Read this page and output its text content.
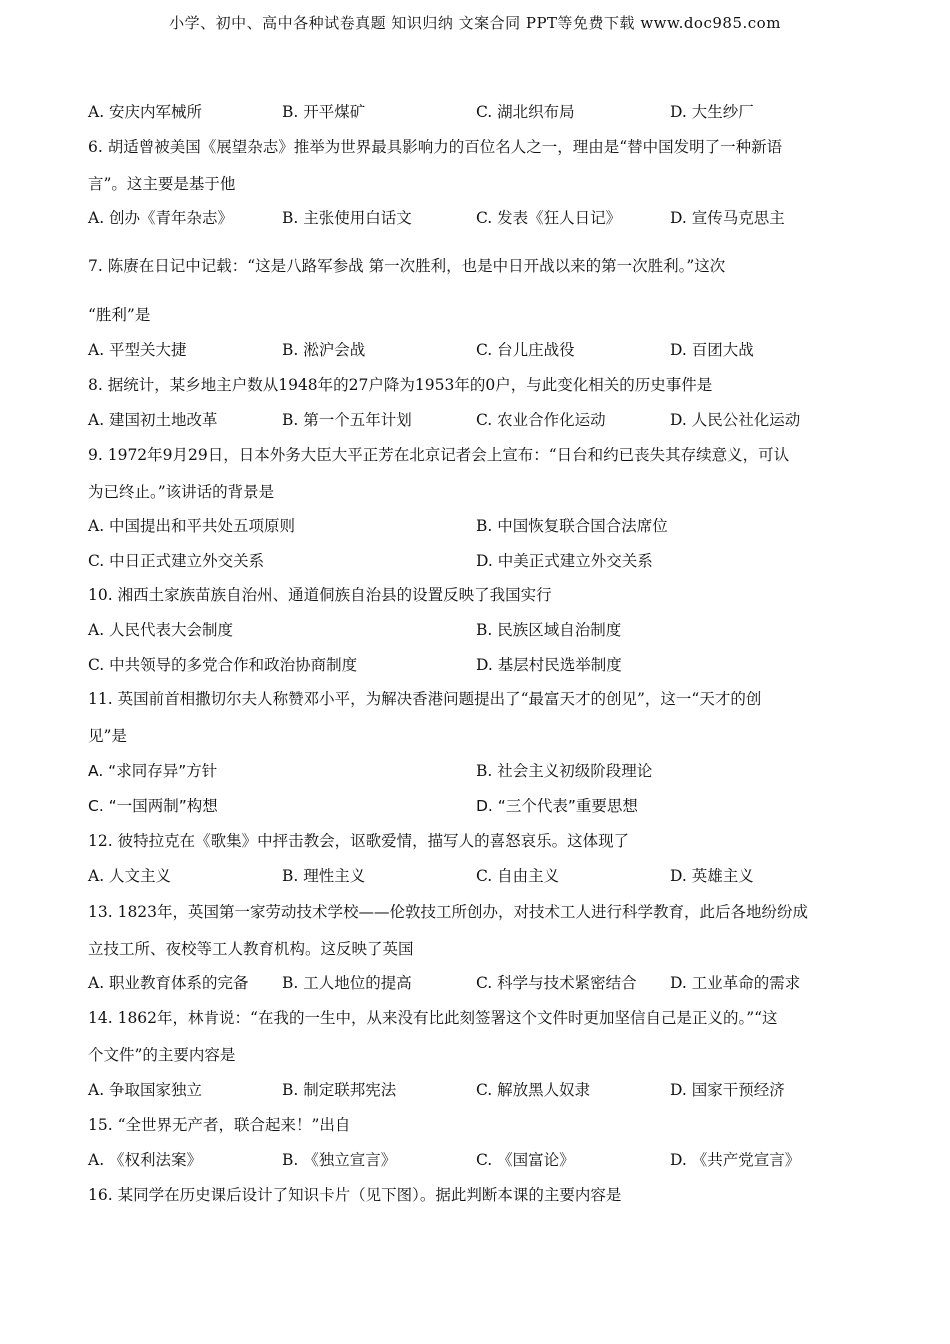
小学、初中、高中各种试卷真题 知识归纳 文案合同 PPT等免费下载 www.doc985.com
A. 安庆内军械所	B. 开平煤矿	C. 湖北织布局	D. 大生纱厂
6. 胡适曾被美国《展望杂志》推举为世界最具影响力的百位名人之一，理由是“替中国发明了一种新语
言”。这主要是基于他
A. 创办《青年杂志》	B. 主张使用白话文	C. 发表《狂人日记》	D. 宣传马克思主
7. 陈赓在日记中记载：“这是八路军参战 第一次胜利，也是中日开战以来的第一次胜利。”这次
“胜利”是
A. 平型关大捷	B. 淞沪会战	C. 台儿庄战役	D. 百团大战
8. 据统计，某乡地主户数从1948年的27户降为1953年的0户，与此变化相关的历史事件是
A. 建国初土地改革	B. 第一个五年计划	C. 农业合作化运动	D. 人民公社化运动
9. 1972年9月29日，日本外务大臣大平正芳在北京记者会上宣布：“日台和约已丧失其存续意义，可认
为已终止。”该讲话的背景是
A. 中国提出和平共处五项原则	B. 中国恢复联合国合法席位
C. 中日正式建立外交关系	D. 中美正式建立外交关系
10. 湘西土家族苗族自治州、通道侗族自治县的设置反映了我国实行
A. 人民代表大会制度	B. 民族区域自治制度
C. 中共领导的多党合作和政治协商制度	D. 基层村民选举制度
11. 英国前首相撒切尔夫人称赞邓小平，为解决香港问题提出了“最富天才的创见”，这一“天才的创
见”是
A. “求同存异”方针	B. 社会主义初级阶段理论
C. “一国两制”构想	D. “三个代表”重要思想
12. 彼特拉克在《歌集》中抨击教会，讴歌爱情，描写人的喜怒哀乐。这体现了
A. 人文主义	B. 理性主义	C. 自由主义	D. 英雄主义
13. 1823年，英国第一家劳动技术学校——伦敦技工所创办，对技术工人进行科学教育，此后各地纷纷成
立技工所、夜校等工人教育机构。这反映了英国
A. 职业教育体系的完备 B. 工人地位的提高	C. 科学与技术紧密结合 D. 工业革命的需求
14. 1862年，林肯说：“在我的一生中，从来没有比此刻签署这个文件时更加坚信自己是正义的。”“这
个文件”的主要内容是
A. 争取国家独立	B. 制定联邦宪法	C. 解放黑人奴隶	D. 国家干预经济
15. “全世界无产者，联合起来！”出自
A. 《权利法案》	B. 《独立宣言》	C. 《国富论》	D. 《共产党宣言》
16. 某同学在历史课后设计了知识卡片（见下图）。据此判断本课的主要内容是
